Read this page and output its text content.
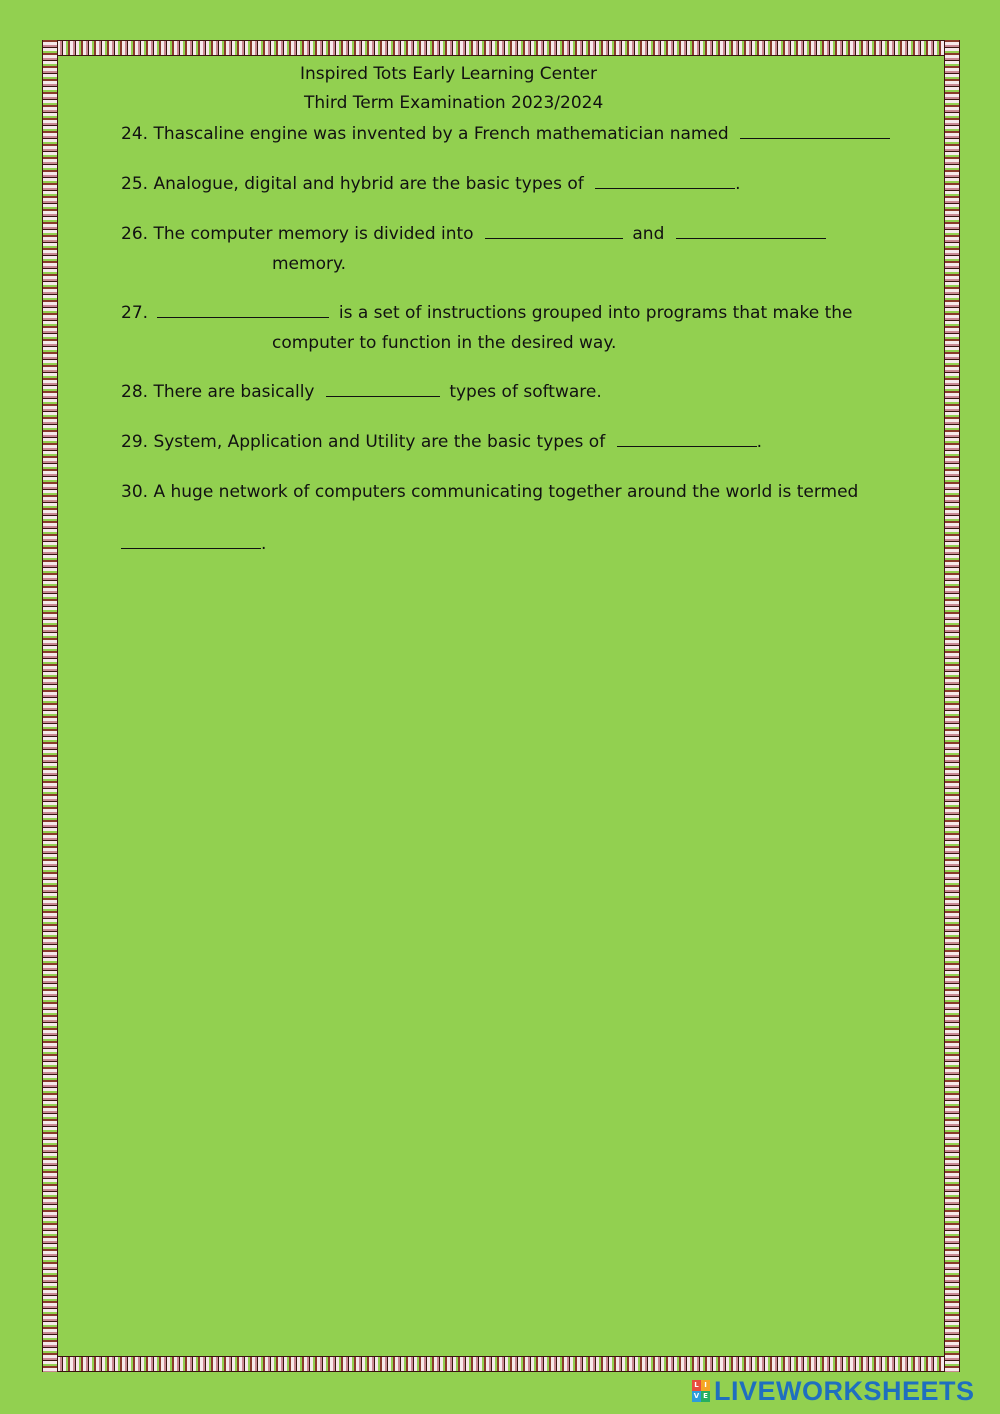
Inspired Tots Early Learning Center
Third Term Examination 2023/2024
24. Thascaline engine was invented by a French mathematician named
25. Analogue, digital and hybrid are the basic types of	.
26. The computer memory is divided into	and
memory.
27.	is a set of instructions grouped into programs that make the
computer to function in the desired way.
28. There are basically	types of software.
29. System, Application and Utility are the basic types of	.
30. A huge network of computers communicating together around the world is termed
.
L I
V E LIVEWORKSHEETS
